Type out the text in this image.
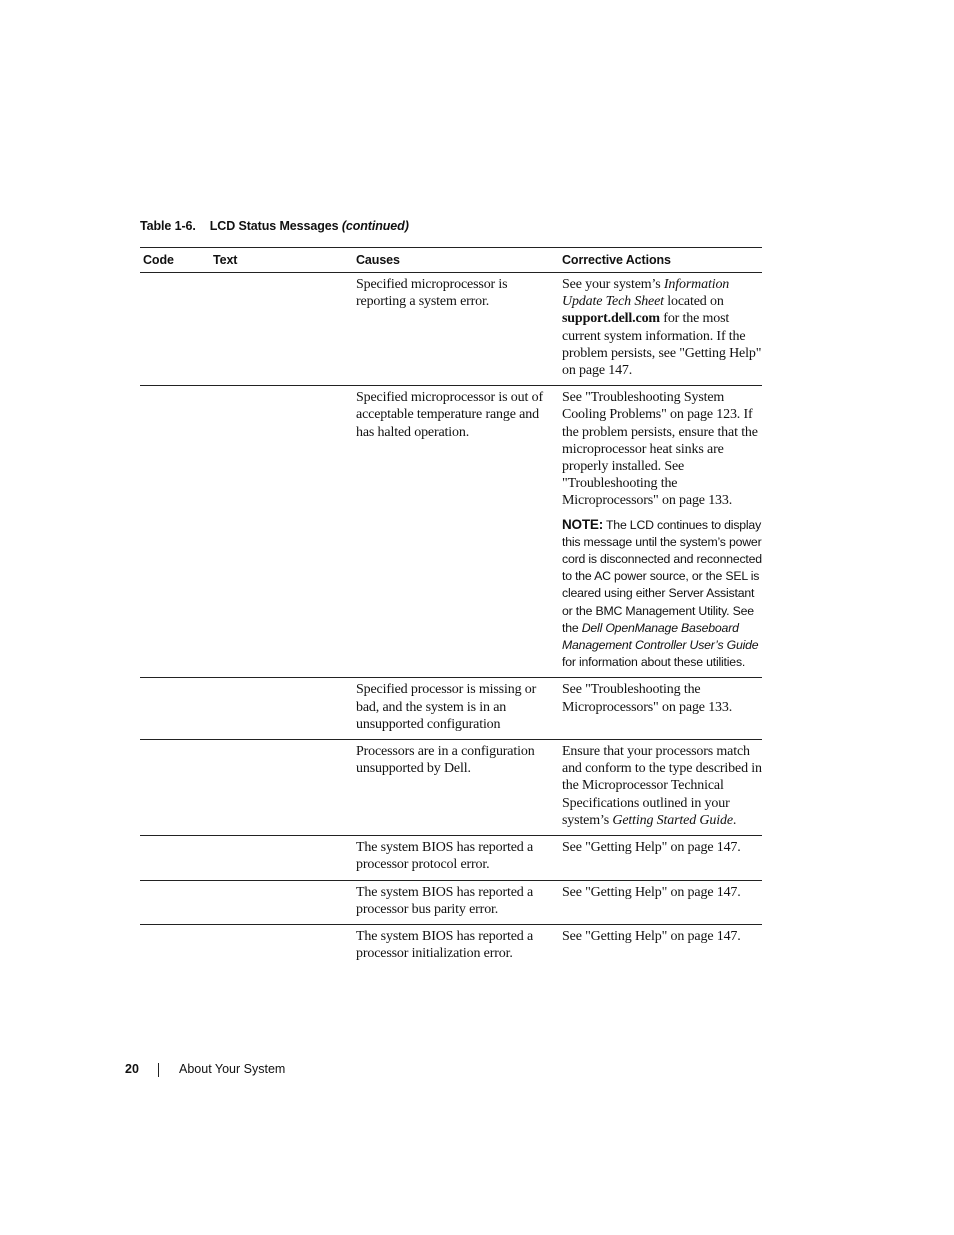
Table 1-6. LCD Status Messages (continued)
Code	Text	Causes	Corrective Actions
		Specified microprocessor is reporting a system error.	See your system’s Information Update Tech Sheet located on support.dell.com for the most current system information. If the problem persists, see "Getting Help" on page 147.
		Specified microprocessor is out of acceptable temperature range and has halted operation.	See "Troubleshooting System Cooling Problems" on page 123. If the problem persists, ensure that the microprocessor heat sinks are properly installed. See "Troubleshooting the Microprocessors" on page 133.
NOTE: The LCD continues to display this message until the system’s power cord is disconnected and reconnected to the AC power source, or the SEL is cleared using either Server Assistant or the BMC Management Utility. See the Dell OpenManage Baseboard Management Controller User’s Guide for information about these utilities.

		Specified processor is missing or bad, and the system is in an unsupported configuration	See "Troubleshooting the Microprocessors" on page 133.
		Processors are in a configuration unsupported by Dell.	Ensure that your processors match and conform to the type described in the Microprocessor Technical Specifications outlined in your system’s Getting Started Guide.
		The system BIOS has reported a processor protocol error.	See "Getting Help" on page 147.
		The system BIOS has reported a processor bus parity error.	See "Getting Help" on page 147.
		The system BIOS has reported a processor initialization error.	See "Getting Help" on page 147.
20	About Your System
